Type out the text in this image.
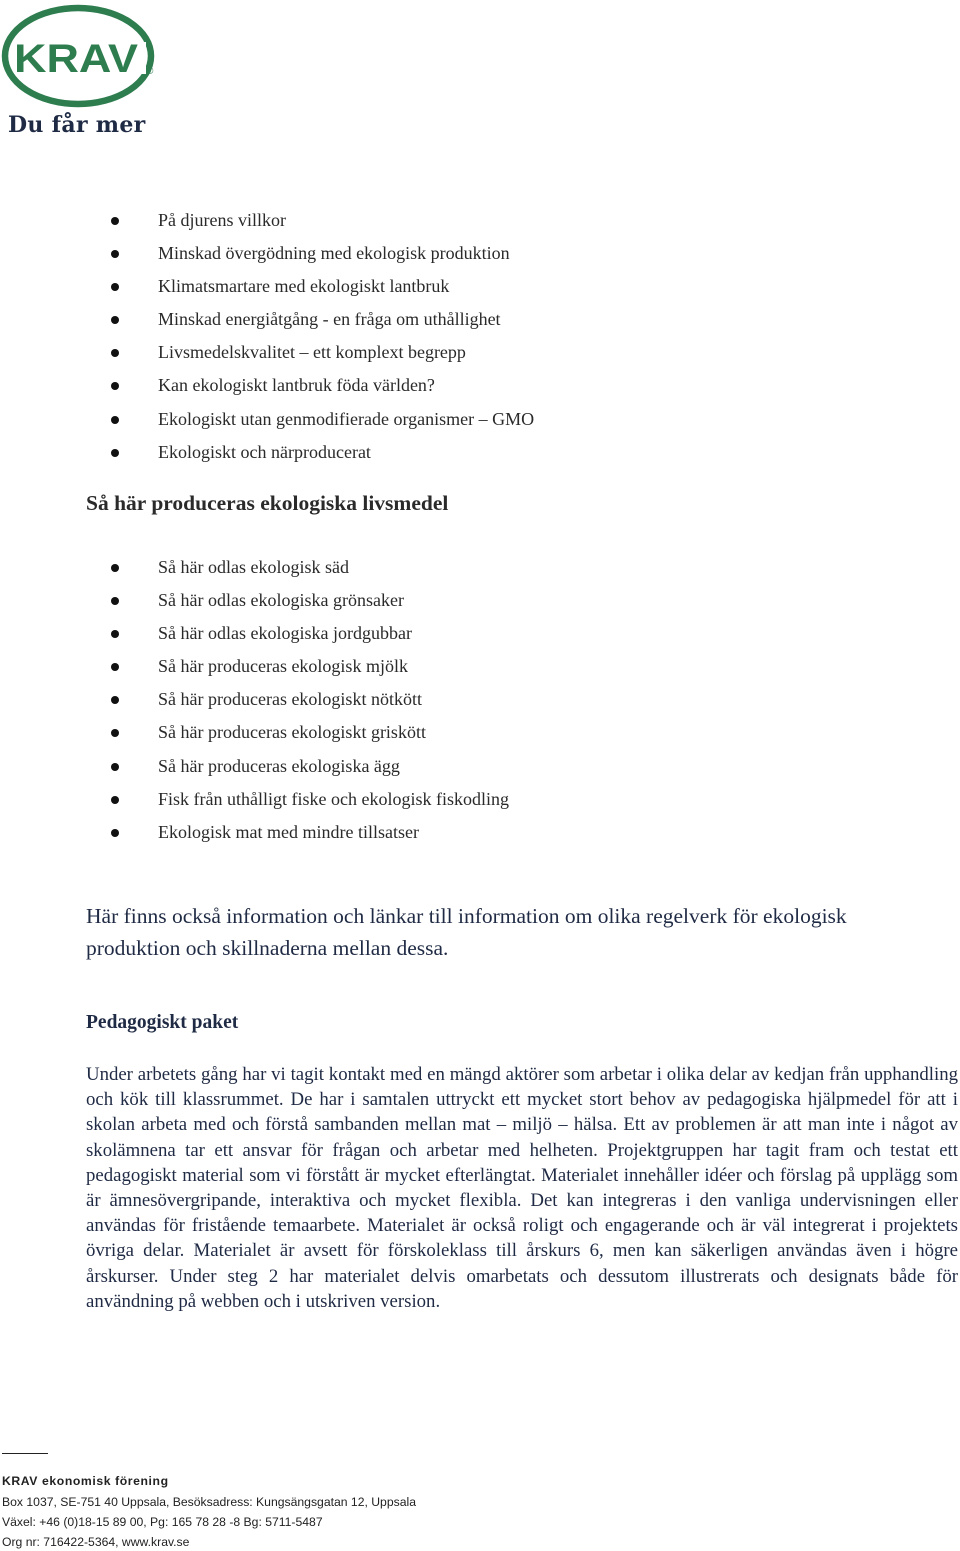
KRAV ®
Du får mer
På djurens villkor
Minskad övergödning med ekologisk produktion
Klimatsmartare med ekologiskt lantbruk
Minskad energiåtgång - en fråga om uthållighet
Livsmedelskvalitet – ett komplext begrepp
Kan ekologiskt lantbruk föda världen?
Ekologiskt utan genmodifierade organismer – GMO
Ekologiskt och närproducerat
Så här produceras ekologiska livsmedel
Så här odlas ekologisk säd
Så här odlas ekologiska grönsaker
Så här odlas ekologiska jordgubbar
Så här produceras ekologisk mjölk
Så här produceras ekologiskt nötkött
Så här produceras ekologiskt griskött
Så här produceras ekologiska ägg
Fisk från uthålligt fiske och ekologisk fiskodling
Ekologisk mat med mindre tillsatser

Här finns också information och länkar till information om olika regelverk för ekologisk produktion och skillnaderna mellan dessa.

Pedagogiskt paket

Under arbetets gång har vi tagit kontakt med en mängd aktörer som arbetar i olika delar av kedjan från upphandling och kök till klassrummet. De har i samtalen uttryckt ett mycket stort behov av pedagogiska hjälpmedel för att i skolan arbeta med och förstå sambanden mellan mat – miljö – hälsa. Ett av problemen är att man inte i något av skolämnena tar ett ansvar för frågan och arbetar med helheten. Projektgruppen har tagit fram och testat ett pedagogiskt material som vi förstått är mycket efterlängtat. Materialet innehåller idéer och förslag på upplägg som är ämnesövergripande, interaktiva och mycket flexibla. Det kan integreras i den vanliga undervisningen eller användas för fristående temaarbete. Materialet är också roligt och engagerande och är väl integrerat i projektets övriga delar. Materialet är avsett för förskoleklass till årskurs 6, men kan säkerligen användas även i högre årskurser. Under steg 2 har materialet delvis omarbetats och dessutom illustrerats och designats både för användning på webben och i utskriven version.

KRAV ekonomisk förening

Box 1037, SE-751 40 Uppsala, Besöksadress: Kungsängsgatan 12, Uppsala

Växel: +46 (0)18-15 89 00, Pg: 165 78 28 -8 Bg: 5711-5487

Org nr: 716422-5364, www.krav.se
